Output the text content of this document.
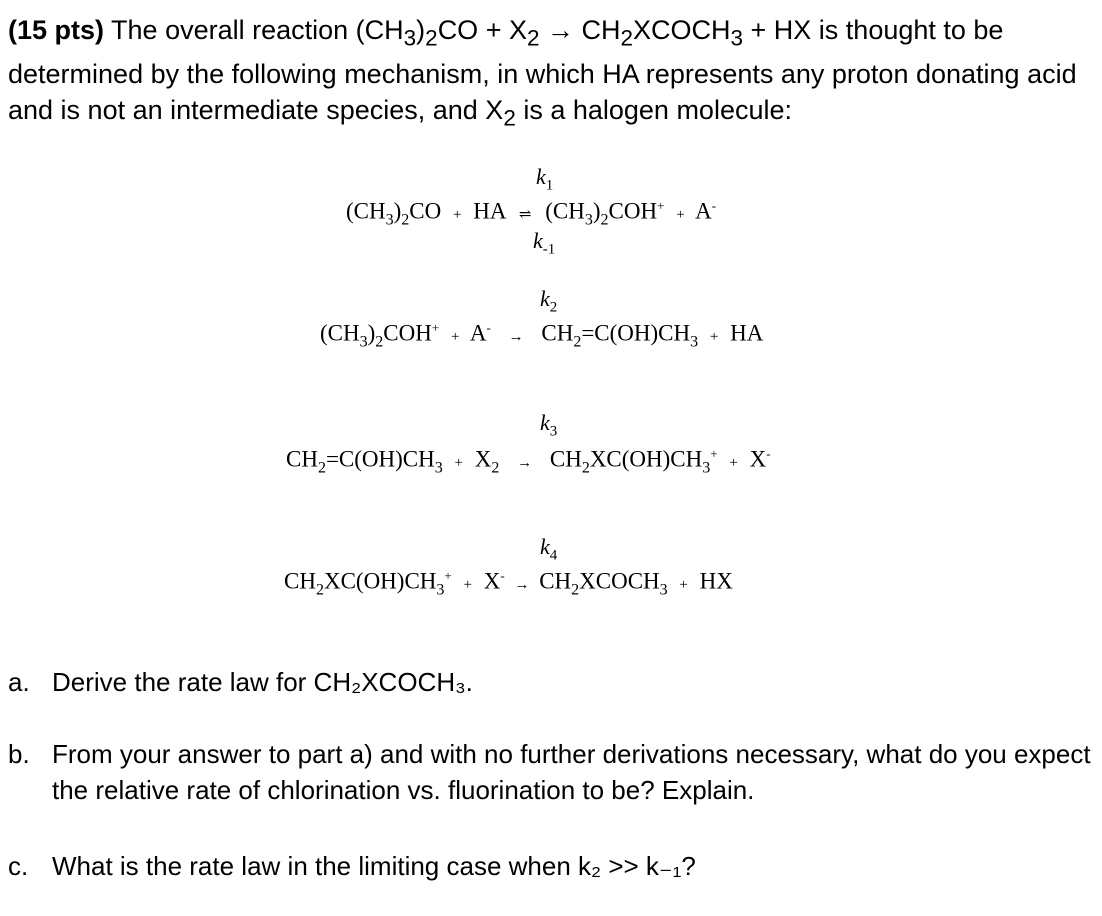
(15 pts) The overall reaction $(CH_3)_2CO + X_2$ → $CH_2XCOCH_3$ + HX is thought to be determined by the following mechanism, in which HA represents any proton donating acid and is not an intermediate species, and $X_2$ is a halogen molecule:
$k_1$
$(CH_3)_2CO$ + HA ⇌ $(CH_3)_2COH^+ + A^-$
$k_{-1}$
$k_2$
$(CH_3)_2COH^+ + A^- \to CH_2=C(OH)CH_3$ + HA
$k_3$
$CH_2=C(OH)CH_3 + X_2 \to CH_2XC(OH)CH_3^+ + X^-$
$k_4$
$CH_2XC(OH)CH_3^+ + X^-$ → $CH_2XCOCH_3$ + HX
a. Derive the rate law for CH₂XCOCH₃.
b. From your answer to part a) and with no further derivations necessary, what do you expect the relative rate of chlorination vs. fluorination to be? Explain.
c. What is the rate law in the limiting case when k₂ >> k₋₁?
